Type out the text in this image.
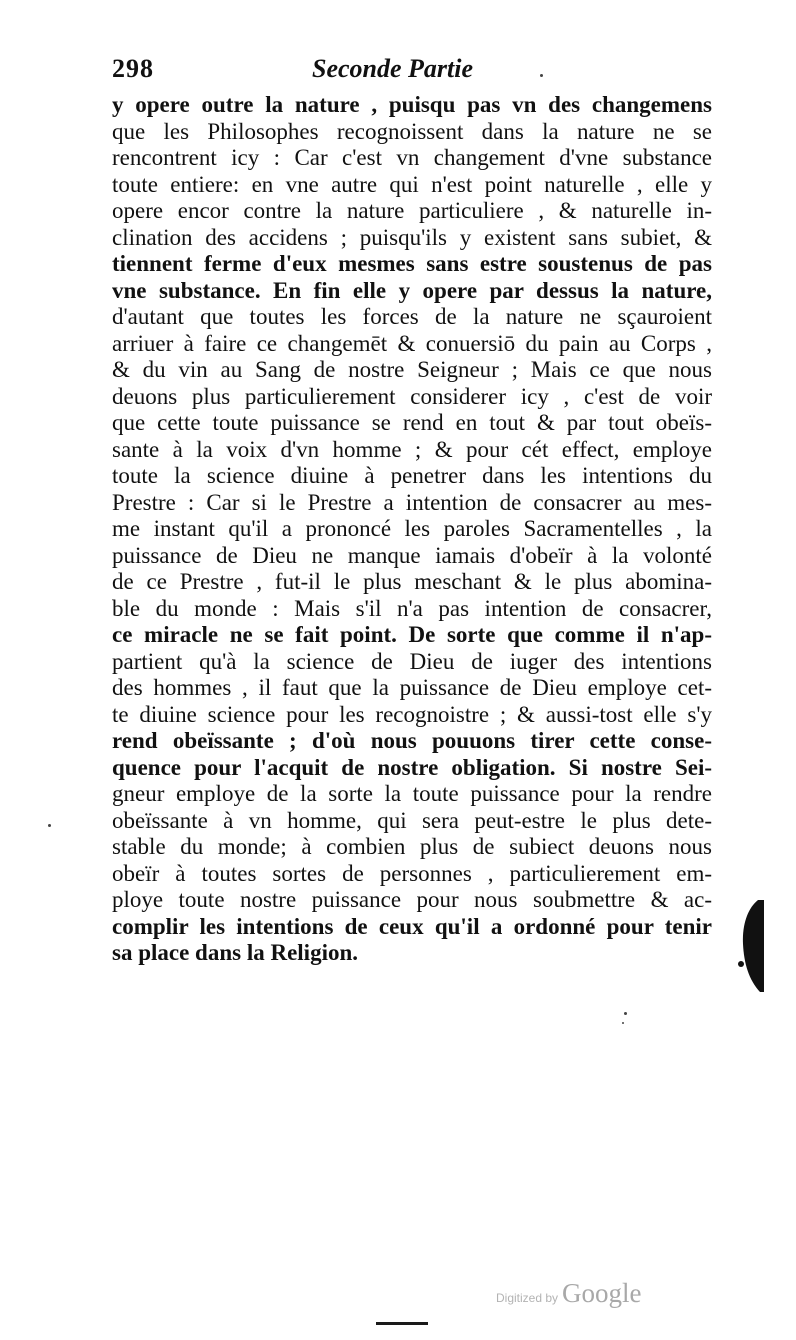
298	Seconde Partie
y opere outre la nature , puisqu pas vn des changemens
que les Philosophes recognoissent dans la nature ne se
rencontrent icy : Car c'est vn changement d'vne substance
toute entiere: en vne autre qui n'est point naturelle , elle y
opere encor contre la nature particuliere , & naturelle in-
clination des accidens ; puisqu'ils y existent sans subiet, &
tiennent ferme d'eux mesmes sans estre soustenus de pas
vne substance. En fin elle y opere par dessus la nature,
d'autant que toutes les forces de la nature ne sçauroient
arriuer à faire ce changemēt & conuersiō du pain au Corps ,
& du vin au Sang de nostre Seigneur ; Mais ce que nous
deuons plus particulierement considerer icy , c'est de voir
que cette toute puissance se rend en tout & par tout obeïs-
sante à la voix d'vn homme ; & pour cét effect, employe
toute la science diuine à penetrer dans les intentions du
Prestre : Car si le Prestre a intention de consacrer au mes-
me instant qu'il a prononcé les paroles Sacramentelles , la
puissance de Dieu ne manque iamais d'obeïr à la volonté
de ce Prestre , fut-il le plus meschant & le plus abomina-
ble du monde : Mais s'il n'a pas intention de consacrer,
ce miracle ne se fait point. De sorte que comme il n'ap-
partient qu'à la science de Dieu de iuger des intentions
des hommes , il faut que la puissance de Dieu employe cet-
te diuine science pour les recognoistre ; & aussi-tost elle s'y
rend obeïssante ; d'où nous pouuons tirer cette conse-
quence pour l'acquit de nostre obligation. Si nostre Sei-
gneur employe de la sorte la toute puissance pour la rendre
obeïssante à vn homme, qui sera peut-estre le plus dete-
stable du monde; à combien plus de subiect deuons nous
obeïr à toutes sortes de personnes , particulierement em-
ploye toute nostre puissance pour nous soubmettre & ac-
complir les intentions de ceux qu'il a ordonné pour tenir
sa place dans la Religion.
Digitized by Google
